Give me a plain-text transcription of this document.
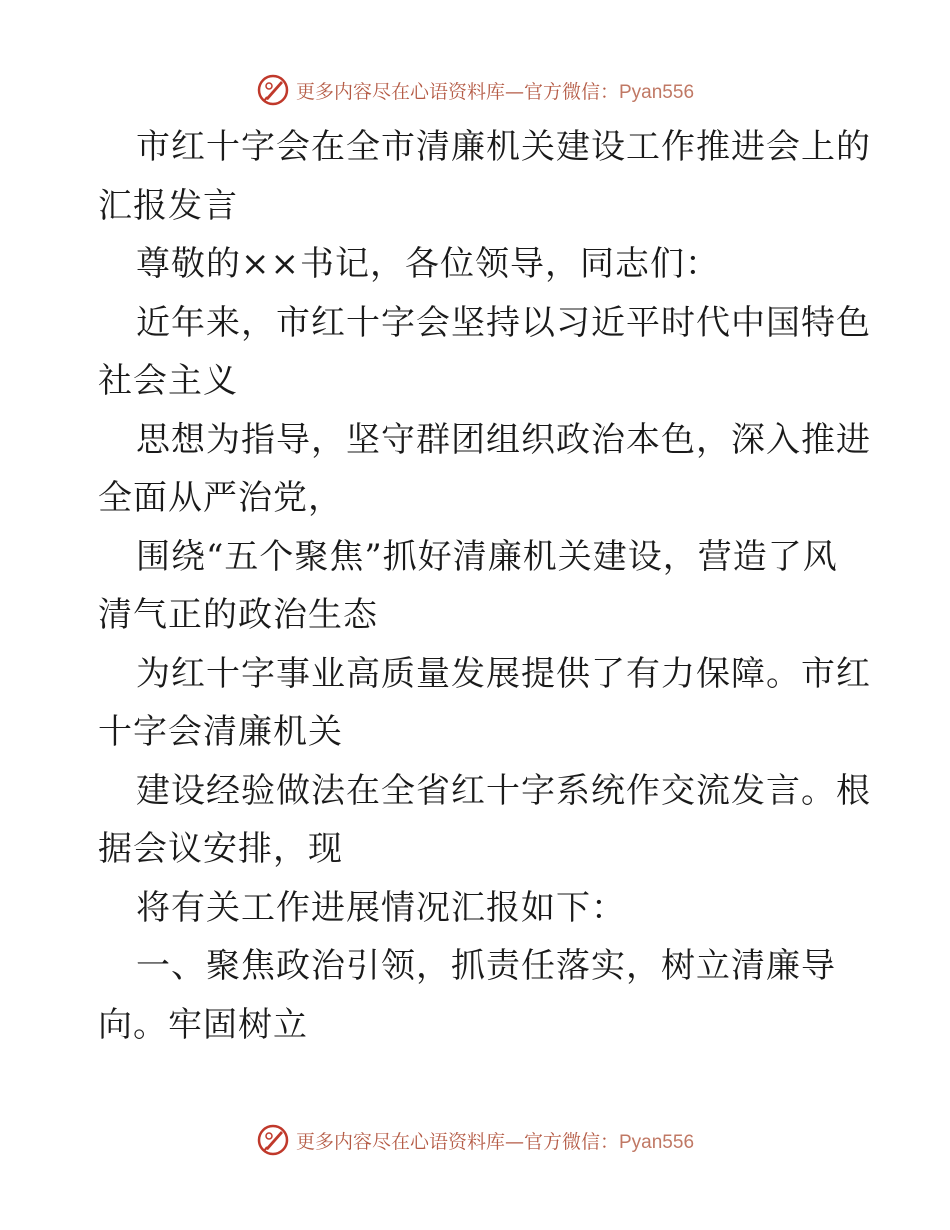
更多内容尽在心语资料库—官方微信：Pyan556
市红十字会在全市清廉机关建设工作推进会上的
汇报发言
尊敬的××书记，各位领导，同志们：
近年来，市红十字会坚持以习近平时代中国特色
社会主义
思想为指导，坚守群团组织政治本色，深入推进
全面从严治党，
围绕“五个聚焦”抓好清廉机关建设，营造了风
清气正的政治生态
为红十字事业高质量发展提供了有力保障。市红
十字会清廉机关
建设经验做法在全省红十字系统作交流发言。根
据会议安排，现
将有关工作进展情况汇报如下：
一、聚焦政治引领，抓责任落实，树立清廉导
向。牢固树立
更多内容尽在心语资料库—官方微信：Pyan556
